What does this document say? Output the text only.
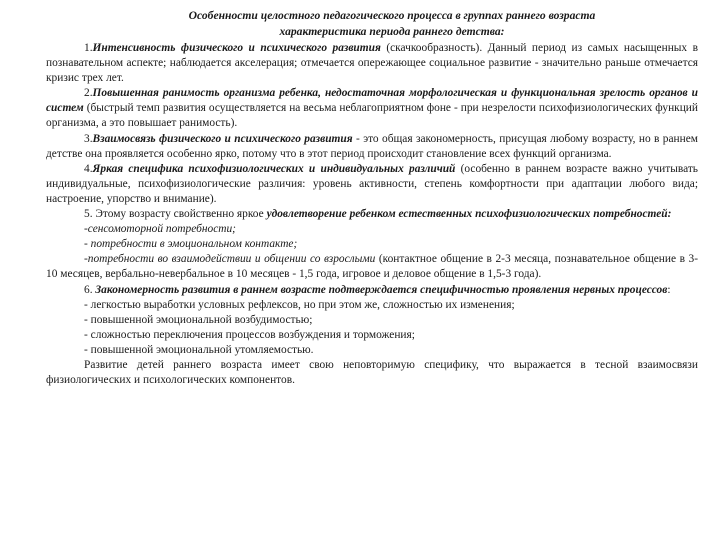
Особенности целостного педагогического процесса в группах раннего возраста
характеристика периода раннего детства:

1.Интенсивность физического и психического развития (скачкообразность). Данный период из самых насыщенных в познавательном аспекте; наблюдается акселерация; отмечается опережающее социальное развитие - значительно раньше отмечается кризис трех лет.

2.Повышенная ранимость организма ребенка, недостаточная морфологическая и функциональная зрелость органов и систем (быстрый темп развития осуществляется на весьма неблагоприятном фоне - при незрелости психофизиологических функций организма, а это повышает ранимость).

3.Взаимосвязь физического и психического развития - это общая закономерность, присущая любому возрасту, но в раннем детстве она проявляется особенно ярко, потому что в этот период происходит становление всех функций организма.

4.Яркая специфика психофизиологических и индивидуальных различий (особенно в раннем возрасте важно учитывать индивидуальные, психофизиологические различия: уровень активности, степень комфортности при адаптации любого вида; настроение, упорство и внимание).

5. Этому возрасту свойственно яркое удовлетворение ребенком естественных психофизиологических потребностей:

-сенсомоторной потребности;

- потребности в эмоциональном контакте;

-потребности во взаимодействии и общении со взрослыми (контактное общение в 2-3 месяца, познавательное общение в 3-10 месяцев, вербально-невербальное в 10 месяцев - 1,5 года, игровое и деловое общение в 1,5-3 года).

6. Закономерность развития в раннем возрасте подтверждается специфичностью проявления нервных процессов:

- легкостью выработки условных рефлексов, но при этом же, сложностью их изменения;

- повышенной эмоциональной возбудимостью;

- сложностью переключения процессов возбуждения и торможения;

- повышенной эмоциональной утомляемостью.

Развитие детей раннего возраста имеет свою неповторимую специфику, что выражается в тесной взаимосвязи физиологических и психологических компонентов.
